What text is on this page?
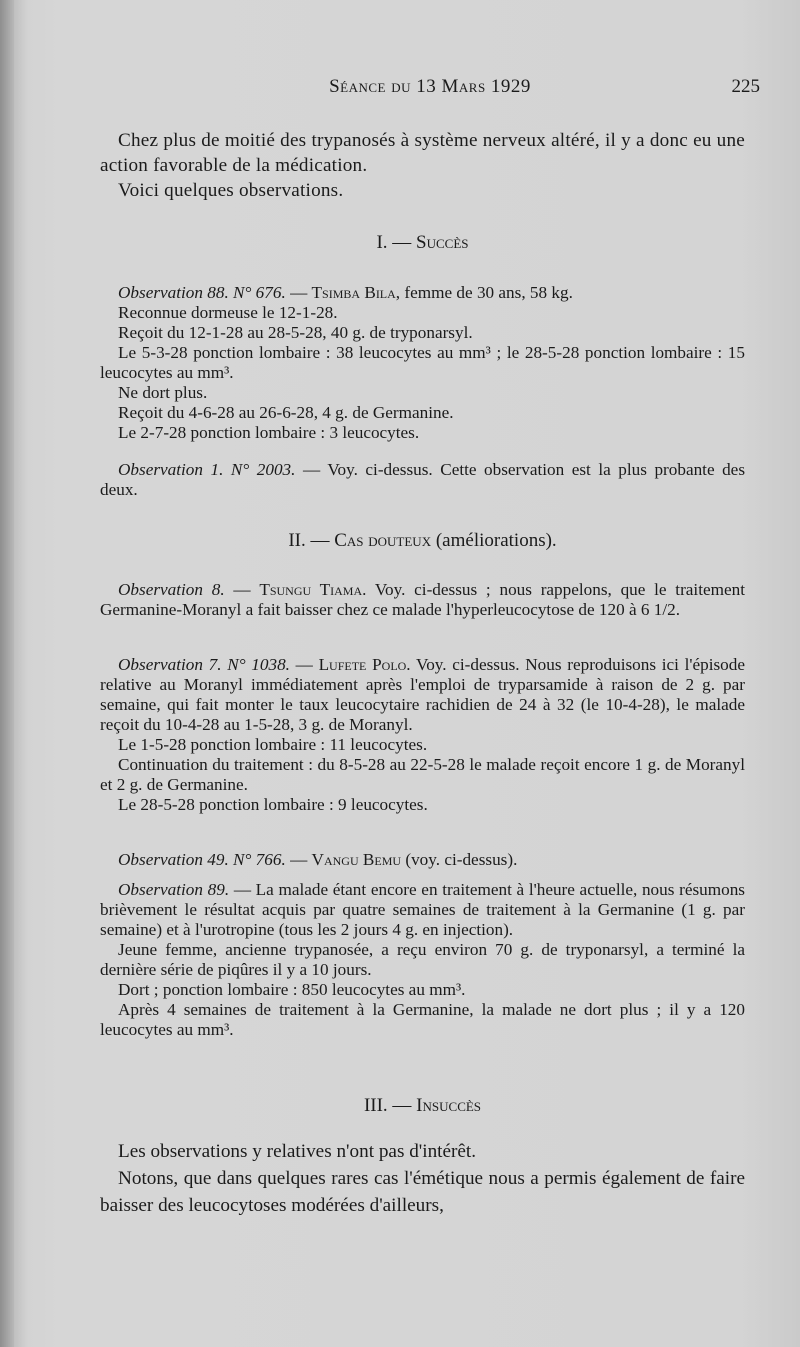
Séance du 13 Mars 1929	225

Chez plus de moitié des trypanosés à système nerveux altéré, il y a donc eu une action favorable de la médication.

Voici quelques observations.

I. — Succès

Observation 88. N° 676. — Tsimba Bila, femme de 30 ans, 58 kg.

Reconnue dormeuse le 12-1-28.

Reçoit du 12-1-28 au 28-5-28, 40 g. de tryponarsyl.

Le 5-3-28 ponction lombaire : 38 leucocytes au mm³ ; le 28-5-28 ponction lombaire : 15 leucocytes au mm³.

Ne dort plus.

Reçoit du 4-6-28 au 26-6-28, 4 g. de Germanine.

Le 2-7-28 ponction lombaire : 3 leucocytes.

Observation 1. N° 2003. — Voy. ci-dessus. Cette observation est la plus probante des deux.

II. — Cas douteux (améliorations).

Observation 8. — Tsungu Tiama. Voy. ci-dessus ; nous rappelons, que le traitement Germanine-Moranyl a fait baisser chez ce malade l'hyperleucocytose de 120 à 6 1/2.

Observation 7. N° 1038. — Lufete Polo. Voy. ci-dessus. Nous reproduisons ici l'épisode relative au Moranyl immédiatement après l'emploi de tryparsamide à raison de 2 g. par semaine, qui fait monter le taux leucocytaire rachidien de 24 à 32 (le 10-4-28), le malade reçoit du 10-4-28 au 1-5-28, 3 g. de Moranyl.

Le 1-5-28 ponction lombaire : 11 leucocytes.

Continuation du traitement : du 8-5-28 au 22-5-28 le malade reçoit encore 1 g. de Moranyl et 2 g. de Germanine.

Le 28-5-28 ponction lombaire : 9 leucocytes.

Observation 49. N° 766. — Vangu Bemu (voy. ci-dessus).

Observation 89. — La malade étant encore en traitement à l'heure actuelle, nous résumons brièvement le résultat acquis par quatre semaines de traitement à la Germanine (1 g. par semaine) et à l'urotropine (tous les 2 jours 4 g. en injection).

Jeune femme, ancienne trypanosée, a reçu environ 70 g. de tryponarsyl, a terminé la dernière série de piqûres il y a 10 jours.

Dort ; ponction lombaire : 850 leucocytes au mm³.

Après 4 semaines de traitement à la Germanine, la malade ne dort plus ; il y a 120 leucocytes au mm³.

III. — Insuccès

Les observations y relatives n'ont pas d'intérêt.

Notons, que dans quelques rares cas l'émétique nous a permis également de faire baisser des leucocytoses modérées d'ailleurs,
